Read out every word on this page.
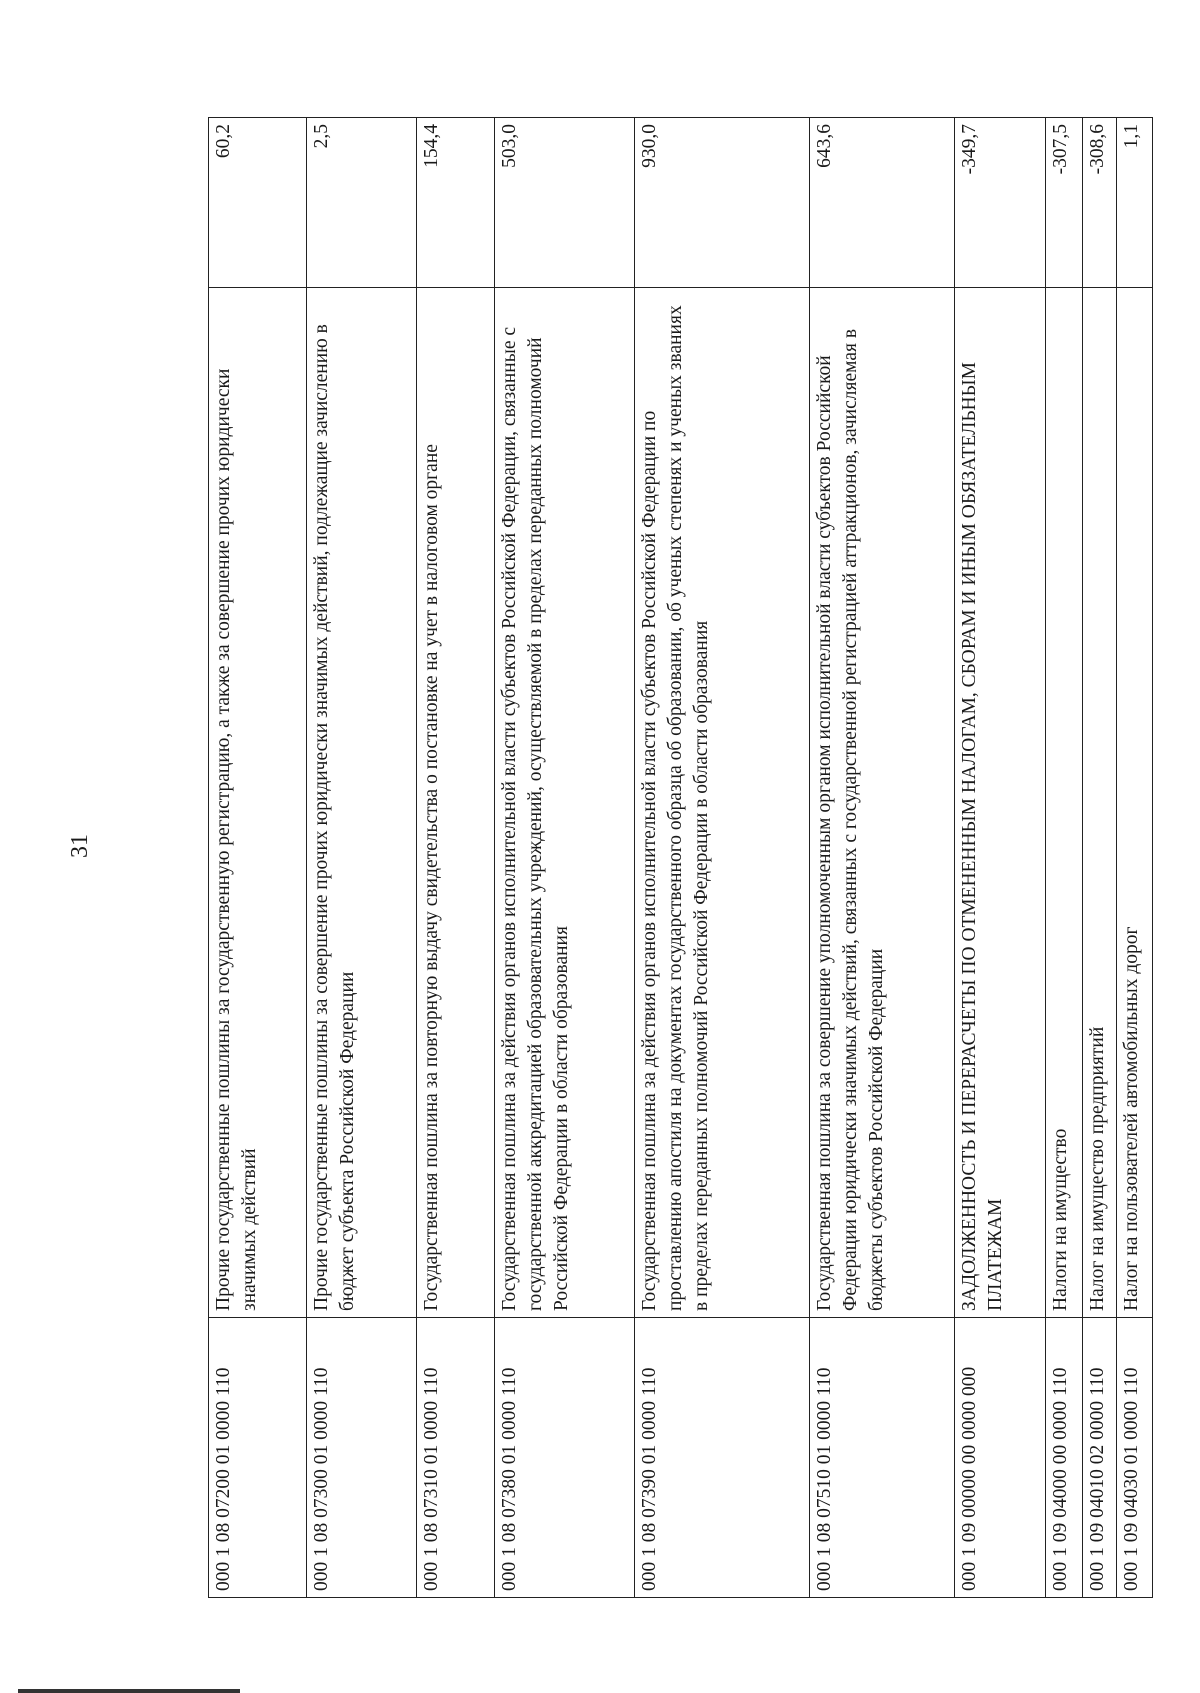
31
000 1 08 07200 01 0000 110	Прочие государственные пошлины за государственную регистрацию, а также за совершение прочих юридически значимых действий	60,2
000 1 08 07300 01 0000 110	Прочие государственные пошлины за совершение прочих юридически значимых действий, подлежащие зачислению в бюджет субъекта Российской Федерации	2,5
000 1 08 07310 01 0000 110	Государственная пошлина за повторную выдачу свидетельства о постановке на учет в налоговом органе	154,4
000 1 08 07380 01 0000 110	Государственная пошлина за действия органов исполнительной власти субъектов Российской Федерации, связанные с государственной аккредитацией образовательных учреждений, осуществляемой в пределах переданных полномочий Российской Федерации в области образования	503,0
000 1 08 07390 01 0000 110	Государственная пошлина за действия органов исполнительной власти субъектов Российской Федерации по проставлению апостиля на документах государственного образца об образовании, об ученых степенях и ученых званиях в пределах переданных полномочий Российской Федерации в области образования	930,0
000 1 08 07510 01 0000 110	Государственная пошлина за совершение уполномоченным органом исполнительной власти субъектов Российской Федерации юридически значимых действий, связанных с государственной регистрацией аттракционов, зачисляемая в бюджеты субъектов Российской Федерации	643,6
000 1 09 00000 00 0000 000	ЗАДОЛЖЕННОСТЬ И ПЕРЕРАСЧЕТЫ ПО ОТМЕНЕННЫМ НАЛОГАМ, СБОРАМ И ИНЫМ ОБЯЗАТЕЛЬНЫМ ПЛАТЕЖАМ	-349,7
000 1 09 04000 00 0000 110	Налоги на имущество	-307,5
000 1 09 04010 02 0000 110	Налог на имущество предприятий	-308,6
000 1 09 04030 01 0000 110	Налог на пользователей автомобильных дорог	1,1
